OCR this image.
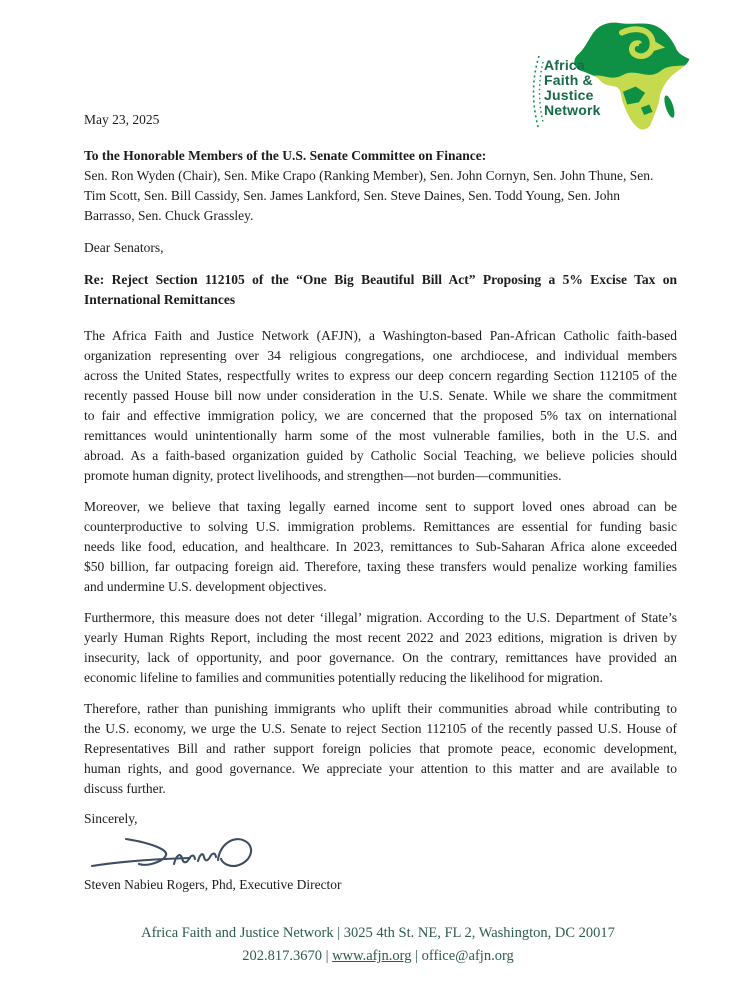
Africa
Faith &
Justice
Network
May 23, 2025
To the Honorable Members of the U.S. Senate Committee on Finance:
Sen. Ron Wyden (Chair), Sen. Mike Crapo (Ranking Member), Sen. John Cornyn, Sen. John Thune, Sen.
Tim Scott, Sen. Bill Cassidy, Sen. James Lankford, Sen. Steve Daines, Sen. Todd Young, Sen. John
Barrasso, Sen. Chuck Grassley.
Dear Senators,
Re: Reject Section 112105 of the “One Big Beautiful Bill Act” Proposing a 5% Excise Tax on
International Remittances
The Africa Faith and Justice Network (AFJN), a Washington-based Pan-African Catholic faith-based
organization representing over 34 religious congregations, one archdiocese, and individual members
across the United States, respectfully writes to express our deep concern regarding Section 112105 of the
recently passed House bill now under consideration in the U.S. Senate. While we share the commitment
to fair and effective immigration policy, we are concerned that the proposed 5% tax on international
remittances would unintentionally harm some of the most vulnerable families, both in the U.S. and
abroad. As a faith-based organization guided by Catholic Social Teaching, we believe policies should
promote human dignity, protect livelihoods, and strengthen—not burden—communities.
Moreover, we believe that taxing legally earned income sent to support loved ones abroad can be
counterproductive to solving U.S. immigration problems. Remittances are essential for funding basic
needs like food, education, and healthcare. In 2023, remittances to Sub-Saharan Africa alone exceeded
$50 billion, far outpacing foreign aid. Therefore, taxing these transfers would penalize working families
and undermine U.S. development objectives.
Furthermore, this measure does not deter ‘illegal’ migration. According to the U.S. Department of State’s
yearly Human Rights Report, including the most recent 2022 and 2023 editions, migration is driven by
insecurity, lack of opportunity, and poor governance. On the contrary, remittances have provided an
economic lifeline to families and communities potentially reducing the likelihood for migration.
Therefore, rather than punishing immigrants who uplift their communities abroad while contributing to
the U.S. economy, we urge the U.S. Senate to reject Section 112105 of the recently passed U.S. House of
Representatives Bill and rather support foreign policies that promote peace, economic development,
human rights, and good governance. We appreciate your attention to this matter and are available to
discuss further.
Sincerely,
Steven Nabieu Rogers, Phd, Executive Director
Africa Faith and Justice Network | 3025 4th St. NE, FL 2, Washington, DC 20017
202.817.3670 | www.afjn.org | office@afjn.org
